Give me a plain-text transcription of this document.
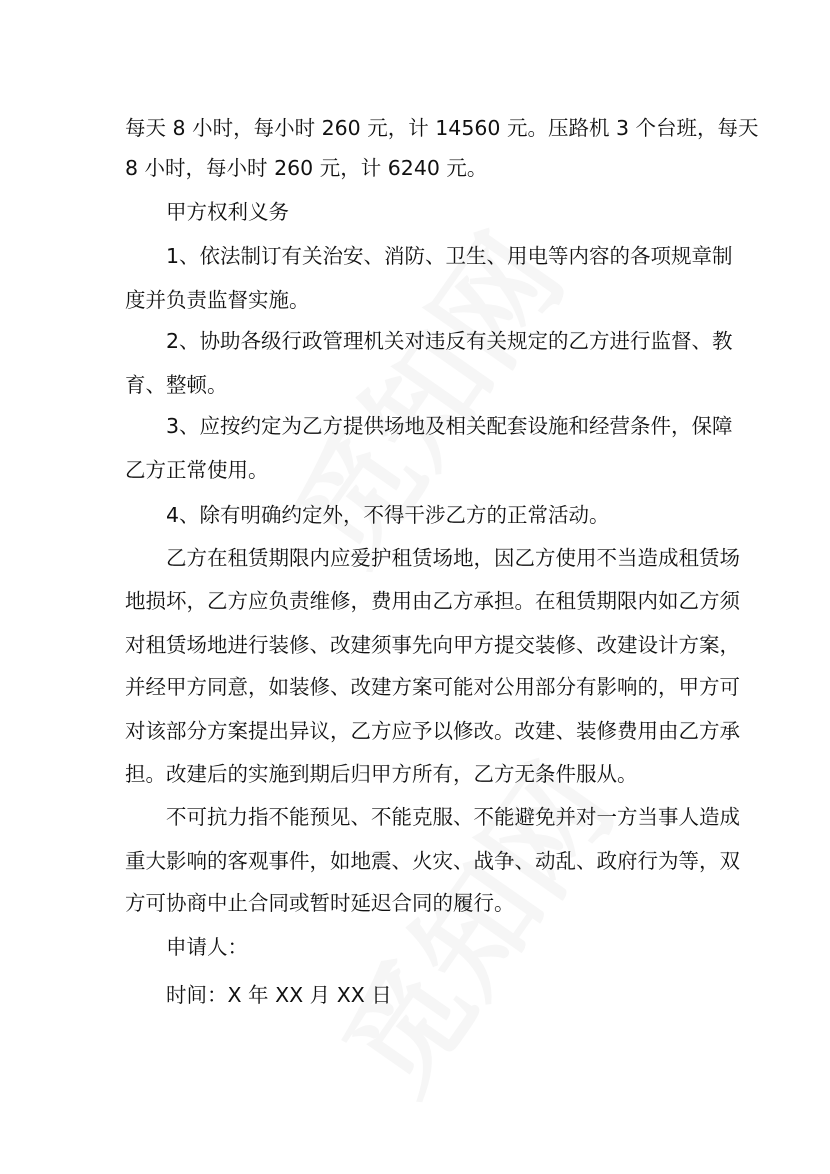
每天 8 小时，每小时 260 元，计 14560 元。压路机 3 个台班，每天
8 小时，每小时 260 元，计 6240 元。
甲方权利义务
1、依法制订有关治安、消防、卫生、用电等内容的各项规章制
度并负责监督实施。
2、协助各级行政管理机关对违反有关规定的乙方进行监督、教
育、整顿。
3、应按约定为乙方提供场地及相关配套设施和经营条件，保障
乙方正常使用。
4、除有明确约定外，不得干涉乙方的正常活动。
乙方在租赁期限内应爱护租赁场地，因乙方使用不当造成租赁场
地损坏，乙方应负责维修，费用由乙方承担。在租赁期限内如乙方须
对租赁场地进行装修、改建须事先向甲方提交装修、改建设计方案，
并经甲方同意，如装修、改建方案可能对公用部分有影响的，甲方可
对该部分方案提出异议，乙方应予以修改。改建、装修费用由乙方承
担。改建后的实施到期后归甲方所有，乙方无条件服从。
不可抗力指不能预见、不能克服、不能避免并对一方当事人造成
重大影响的客观事件，如地震、火灾、战争、动乱、政府行为等，双
方可协商中止合同或暂时延迟合同的履行。
申请人：
时间：X 年 XX 月 XX 日
